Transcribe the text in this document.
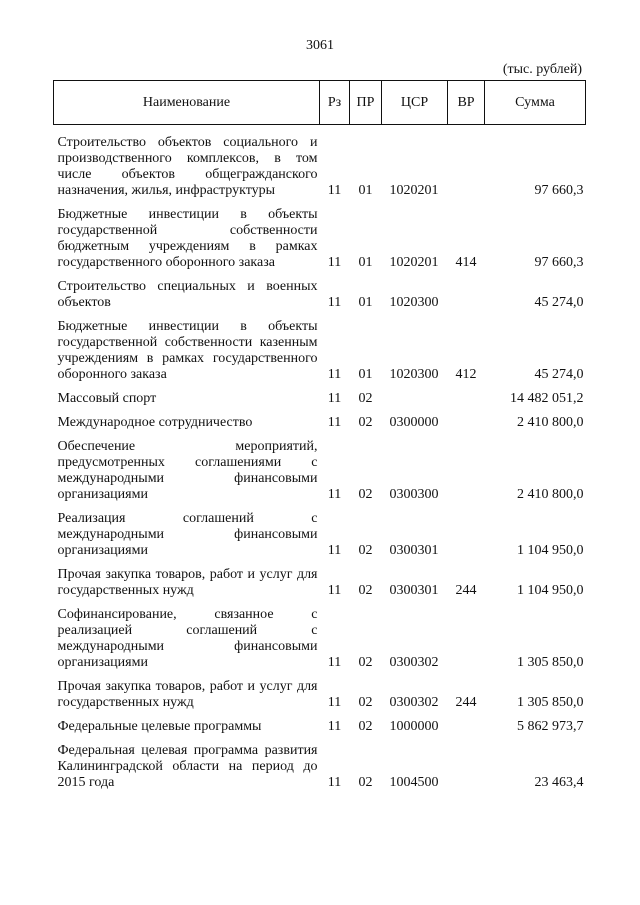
3061
(тыс. рублей)
Наименование	Рз	ПР	ЦСР	ВР	Сумма
Строительство объектов социального и производственного комплексов, в том числе объектов общегражданского назначения, жилья, инфраструктуры	11	01	1020201		97 660,3
Бюджетные инвестиции в объекты государственной собственности бюджетным учреждениям в рамках государственного оборонного заказа	11	01	1020201	414	97 660,3
Строительство специальных и военных объектов	11	01	1020300		45 274,0
Бюджетные инвестиции в объекты государственной собственности казенным учреждениям в рамках государственного оборонного заказа	11	01	1020300	412	45 274,0
Массовый спорт	11	02			14 482 051,2
Международное сотрудничество	11	02	0300000		2 410 800,0
Обеспечение мероприятий, предусмотренных соглашениями с международными финансовыми организациями	11	02	0300300		2 410 800,0
Реализация соглашений с международными финансовыми организациями	11	02	0300301		1 104 950,0
Прочая закупка товаров, работ и услуг для государственных нужд	11	02	0300301	244	1 104 950,0
Софинансирование, связанное с реализацией соглашений с международными финансовыми организациями	11	02	0300302		1 305 850,0
Прочая закупка товаров, работ и услуг для государственных нужд	11	02	0300302	244	1 305 850,0
Федеральные целевые программы	11	02	1000000		5 862 973,7
Федеральная целевая программа развития Калининградской области на период до 2015 года	11	02	1004500		23 463,4
